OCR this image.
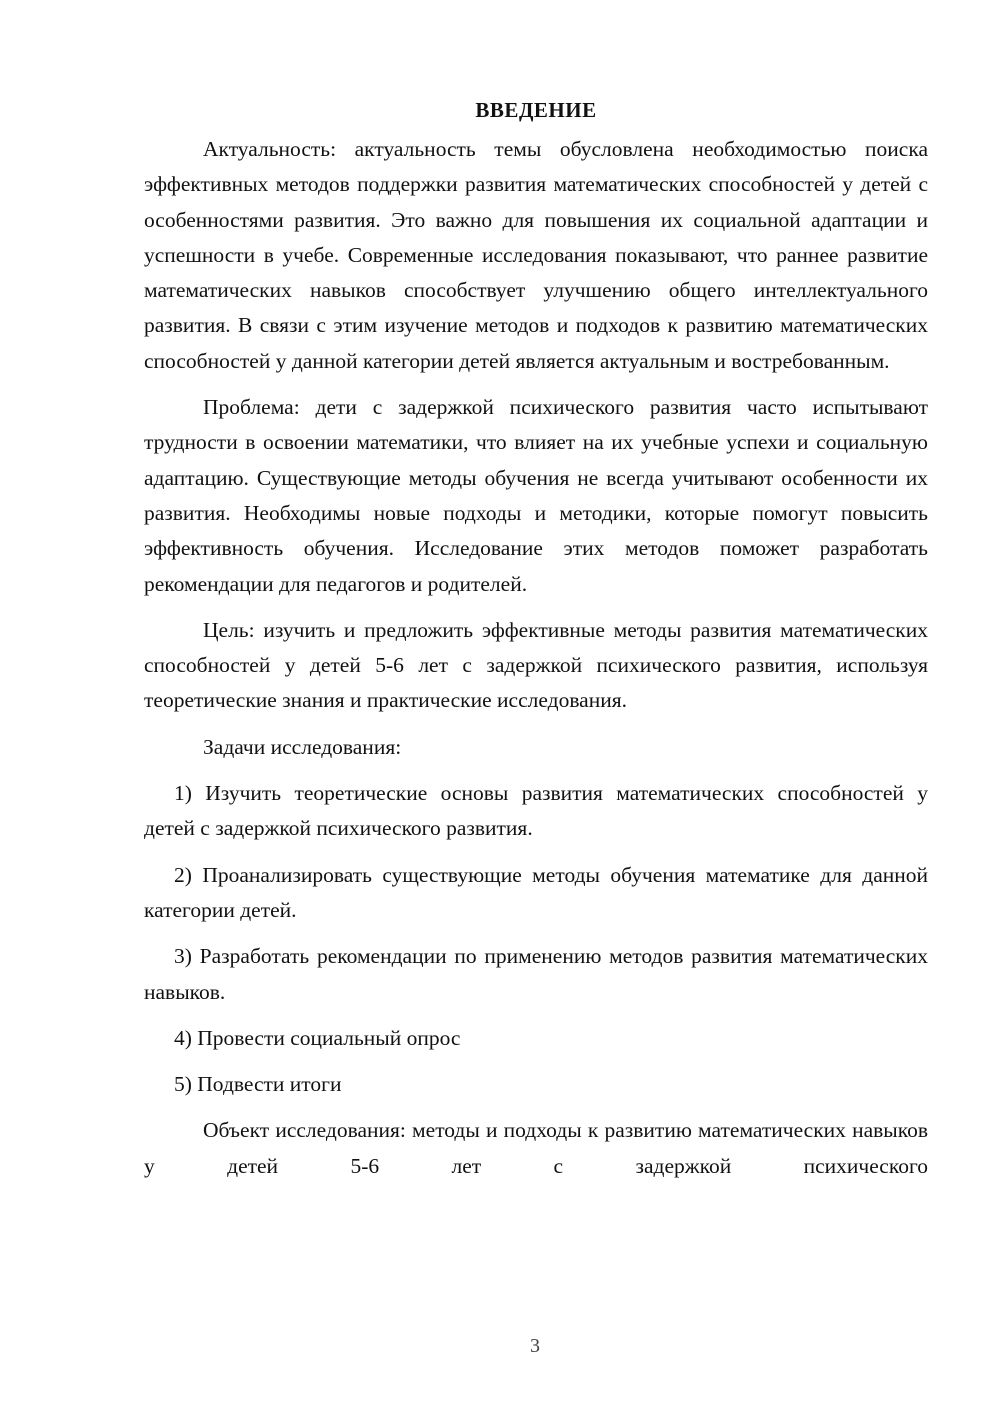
ВВЕДЕНИЕ

Актуальность: актуальность темы обусловлена необходимостью поиска эффективных методов поддержки развития математических способностей у детей с особенностями развития. Это важно для повышения их социальной адаптации и успешности в учебе. Современные исследования показывают, что раннее развитие математических навыков способствует улучшению общего интеллектуального развития. В связи с этим изучение методов и подходов к развитию математических способностей у данной категории детей является актуальным и востребованным.

Проблема: дети с задержкой психического развития часто испытывают трудности в освоении математики, что влияет на их учебные успехи и социальную адаптацию. Существующие методы обучения не всегда учитывают особенности их развития. Необходимы новые подходы и методики, которые помогут повысить эффективность обучения. Исследование этих методов поможет разработать рекомендации для педагогов и родителей.

Цель: изучить и предложить эффективные методы развития математических способностей у детей 5-6 лет с задержкой психического развития, используя теоретические знания и практические исследования.

Задачи исследования:

1) Изучить теоретические основы развития математических способностей у детей с задержкой психического развития.

2) Проанализировать существующие методы обучения математике для данной категории детей.

3) Разработать рекомендации по применению методов развития математических навыков.

4) Провести социальный опрос

5) Подвести итоги

Объект исследования: методы и подходы к развитию математических навыков у детей 5-6 лет с задержкой психического

3
